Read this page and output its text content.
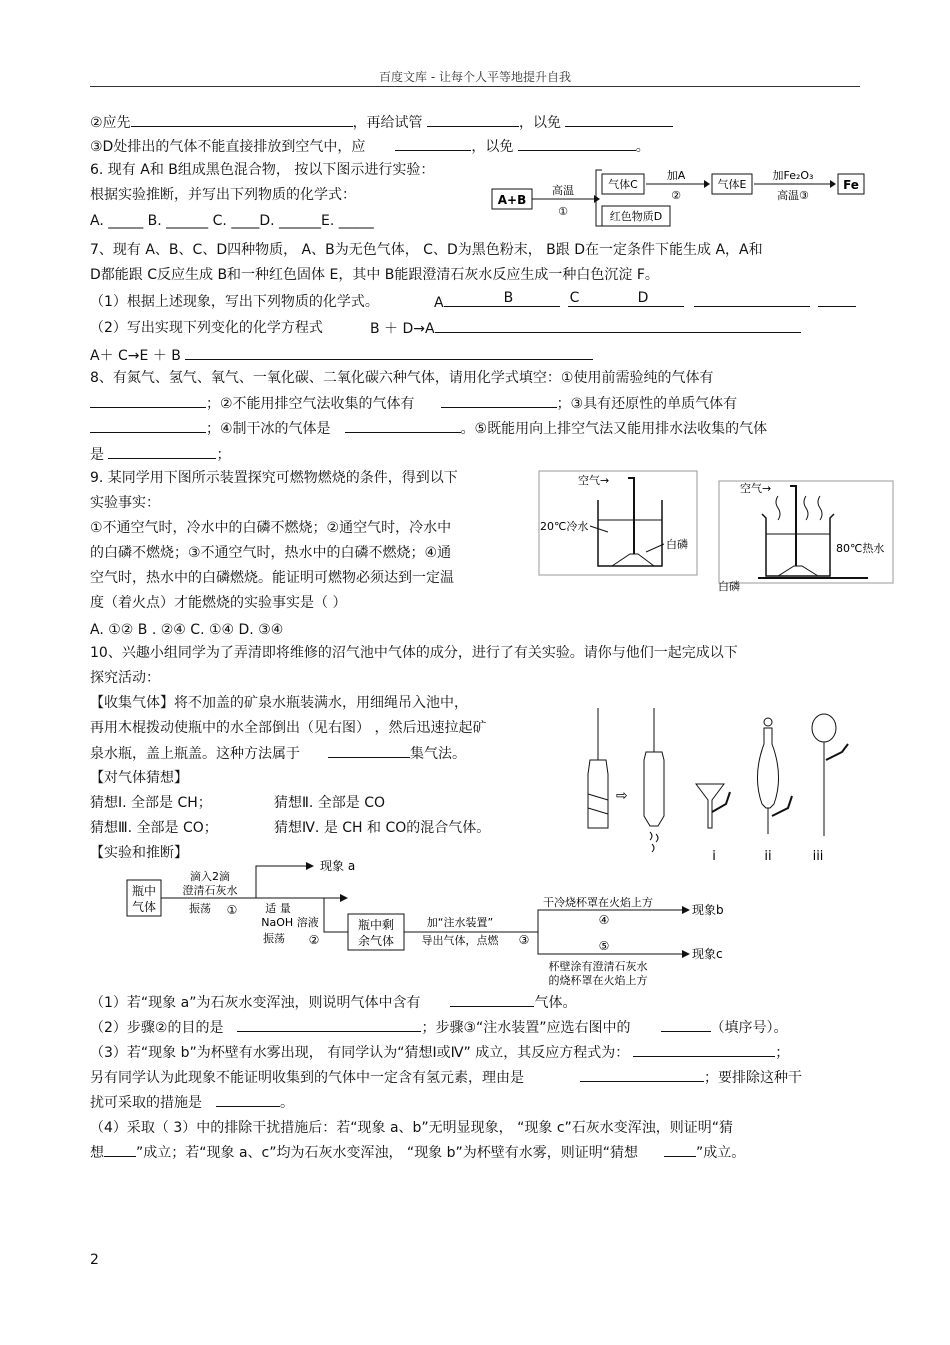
百度文库 - 让每个人平等地提升自我
②应先	，再给试管	，以免
③D处排出的气体不能直接排放到空气中，应	，以免	。
6. 现有 A和 B组成黑色混合物， 按以下图示进行实验：
根据实验推断，并写出下列物质的化学式：
A. _____ B. ______ C. ____D. ______E. _____
A+B
高温
①
气体C
加A
②
气体E
加Fe₂O₃
高温③
Fe
红色物质D
7、现有 A、B、C、D四种物质， A、B为无色气体， C、D为黑色粉末， B跟 D在一定条件下能生成 A，A和
D都能跟 C反应生成 B和一种红色固体 E，其中 B能跟澄清石灰水反应生成一种白色沉淀 F。
（1）根据上述现象，写出下列物质的化学式。	A	B	C	D
（2）写出实现下列变化的化学方程式	B ＋ D→A
A＋ C→E ＋ B
8、有氮气、氢气、氧气、一氧化碳、二氧化碳六种气体，请用化学式填空：①使用前需验纯的气体有
；②不能用排空气法收集的气体有	；③具有还原性的单质气体有
；④制干冰的气体是	。⑤既能用向上排空气法又能用排水法收集的气体
是	；
9. 某同学用下图所示装置探究可燃物燃烧的条件，得到以下
实验事实：
①不通空气时，冷水中的白磷不燃烧；②通空气时，冷水中
的白磷不燃烧；③不通空气时，热水中的白磷不燃烧；④通
空气时，热水中的白磷燃烧。能证明可燃物必须达到一定温
度（着火点）才能燃烧的实验事实是（ ）
A. ①② B . ②④ C. ①④ D. ③④
空气→
20℃冷水
白磷
空气→
80℃热水
白磷
10、兴趣小组同学为了弄清即将维修的沼气池中气体的成分，进行了有关实验。请你与他们一起完成以下
探究活动：
【收集气体】将不加盖的矿泉水瓶装满水，用细绳吊入池中，
再用木棍拨动使瓶中的水全部倒出（见右图） ，然后迅速拉起矿
泉水瓶，盖上瓶盖。这种方法属于	集气法。
【对气体猜想】
猜想Ⅰ. 全部是 CH；	猜想Ⅱ. 全部是 CO
猜想Ⅲ. 全部是 CO；	猜想Ⅳ. 是 CH 和 CO的混合气体。
【实验和推断】
⇨
i	ii	iii
瓶中
气体
滴入2滴
澄清石灰水
振荡 ①
现象 a
适 量
NaOH 溶液
振荡 ②
瓶中剩
余气体
加“注水装置”
导出气体，点燃 ③
干冷烧杯罩在火焰上方
④
现象b
⑤
现象c
杯壁涂有澄清石灰水
的烧杯罩在火焰上方
（1）若“现象 a”为石灰水变浑浊，则说明气体中含有	气体。
（2）步骤②的目的是	；步骤③“注水装置”应选右图中的	（填序号）。
（3）若“现象 b”为杯壁有水雾出现， 有同学认为“猜想Ⅰ或Ⅳ” 成立，其反应方程式为：	；
另有同学认为此现象不能证明收集到的气体中一定含有氢元素，理由是	；要排除这种干
扰可采取的措施是	。
（4）采取（ 3）中的排除干扰措施后：若“现象 a、b”无明显现象， “现象 c”石灰水变浑浊，则证明“猜
想 ”成立；若“现象 a、c”均为石灰水变浑浊， “现象 b”为杯壁有水雾，则证明“猜想	”成立。
2
